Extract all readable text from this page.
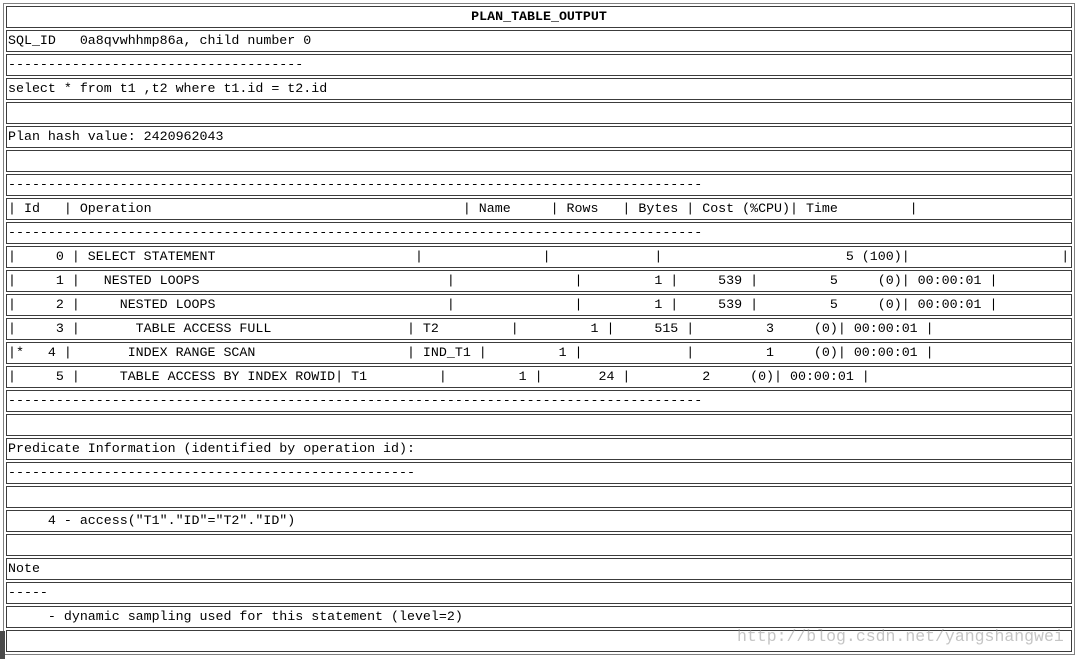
PLAN_TABLE_OUTPUT
SQL_ID   0a8qvwhhmp86a, child number 0
-------------------------------------
select * from t1 ,t2 where t1.id = t2.id
Plan hash value: 2420962043
---------------------------------------------------------------------------------------
| Id   | Operation                                       | Name     | Rows   | Bytes | Cost (%CPU)| Time         |
---------------------------------------------------------------------------------------
|     0 | SELECT STATEMENT                         |               |             |                       5 (100)|                   |
|     1 |   NESTED LOOPS                               |               |         1 |     539 |         5     (0)| 00:00:01 |
|     2 |     NESTED LOOPS                             |               |         1 |     539 |         5     (0)| 00:00:01 |
|     3 |       TABLE ACCESS FULL                 | T2         |         1 |     515 |         3     (0)| 00:00:01 |
|*   4 |       INDEX RANGE SCAN                   | IND_T1 |         1 |             |         1     (0)| 00:00:01 |
|     5 |     TABLE ACCESS BY INDEX ROWID| T1         |         1 |       24 |         2     (0)| 00:00:01 |
---------------------------------------------------------------------------------------
Predicate Information (identified by operation id):
---------------------------------------------------
4 - access("T1"."ID"="T2"."ID")
Note
-----
- dynamic sampling used for this statement (level=2)
http://blog.csdn.net/yangshangwei
